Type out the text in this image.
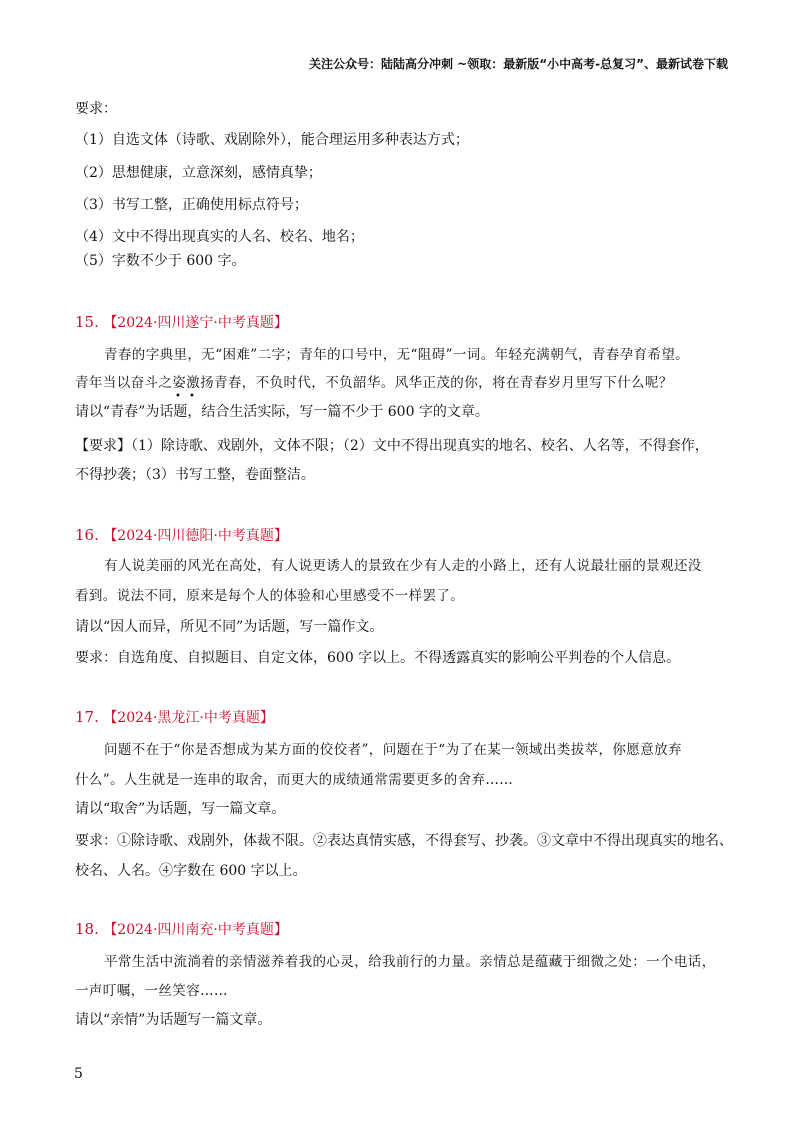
关注公众号：陆陆高分冲刺 ~领取：最新版“小中高考-总复习”、最新试卷下载
要求：
（1）自选文体（诗歌、戏剧除外），能合理运用多种表达方式；
（2）思想健康，立意深刻，感情真挚；
（3）书写工整，正确使用标点符号；
（4）文中不得出现真实的人名、校名、地名；
（5）字数不少于 600 字。
15. 【2024·四川遂宁·中考真题】
青春的字典里，无“困难”二字；青年的口号中，无“阻碍”一词。年轻充满朝气，青春孕育希望。
青年当以奋斗之姿激扬青春，不负时代，不负韶华。风华正茂的你，将在青春岁月里写下什么呢？
• •
请以“青春”为话题，结合生活实际，写一篇不少于 600 字的文章。
【要求】（1）除诗歌、戏剧外，文体不限；（2）文中不得出现真实的地名、校名、人名等，不得套作，
不得抄袭；（3）书写工整，卷面整洁。
16. 【2024·四川德阳·中考真题】
有人说美丽的风光在高处，有人说更诱人的景致在少有人走的小路上，还有人说最壮丽的景观还没
看到。说法不同，原来是每个人的体验和心里感受不一样罢了。
请以“因人而异，所见不同”为话题，写一篇作文。
要求：自选角度、自拟题目、自定文体，600 字以上。不得透露真实的影响公平判卷的个人信息。
17. 【2024·黑龙江·中考真题】
问题不在于“你是否想成为某方面的佼佼者”，问题在于“为了在某一领域出类拔萃，你愿意放弃
什么”。人生就是一连串的取舍，而更大的成绩通常需要更多的舍弃……
请以“取舍”为话题，写一篇文章。
要求：①除诗歌、戏剧外，体裁不限。②表达真情实感，不得套写、抄袭。③文章中不得出现真实的地名、
校名、人名。④字数在 600 字以上。
18. 【2024·四川南充·中考真题】
平常生活中流淌着的亲情滋养着我的心灵，给我前行的力量。亲情总是蕴藏于细微之处：一个电话，
一声叮嘱，一丝笑容……
请以“亲情”为话题写一篇文章。
5
